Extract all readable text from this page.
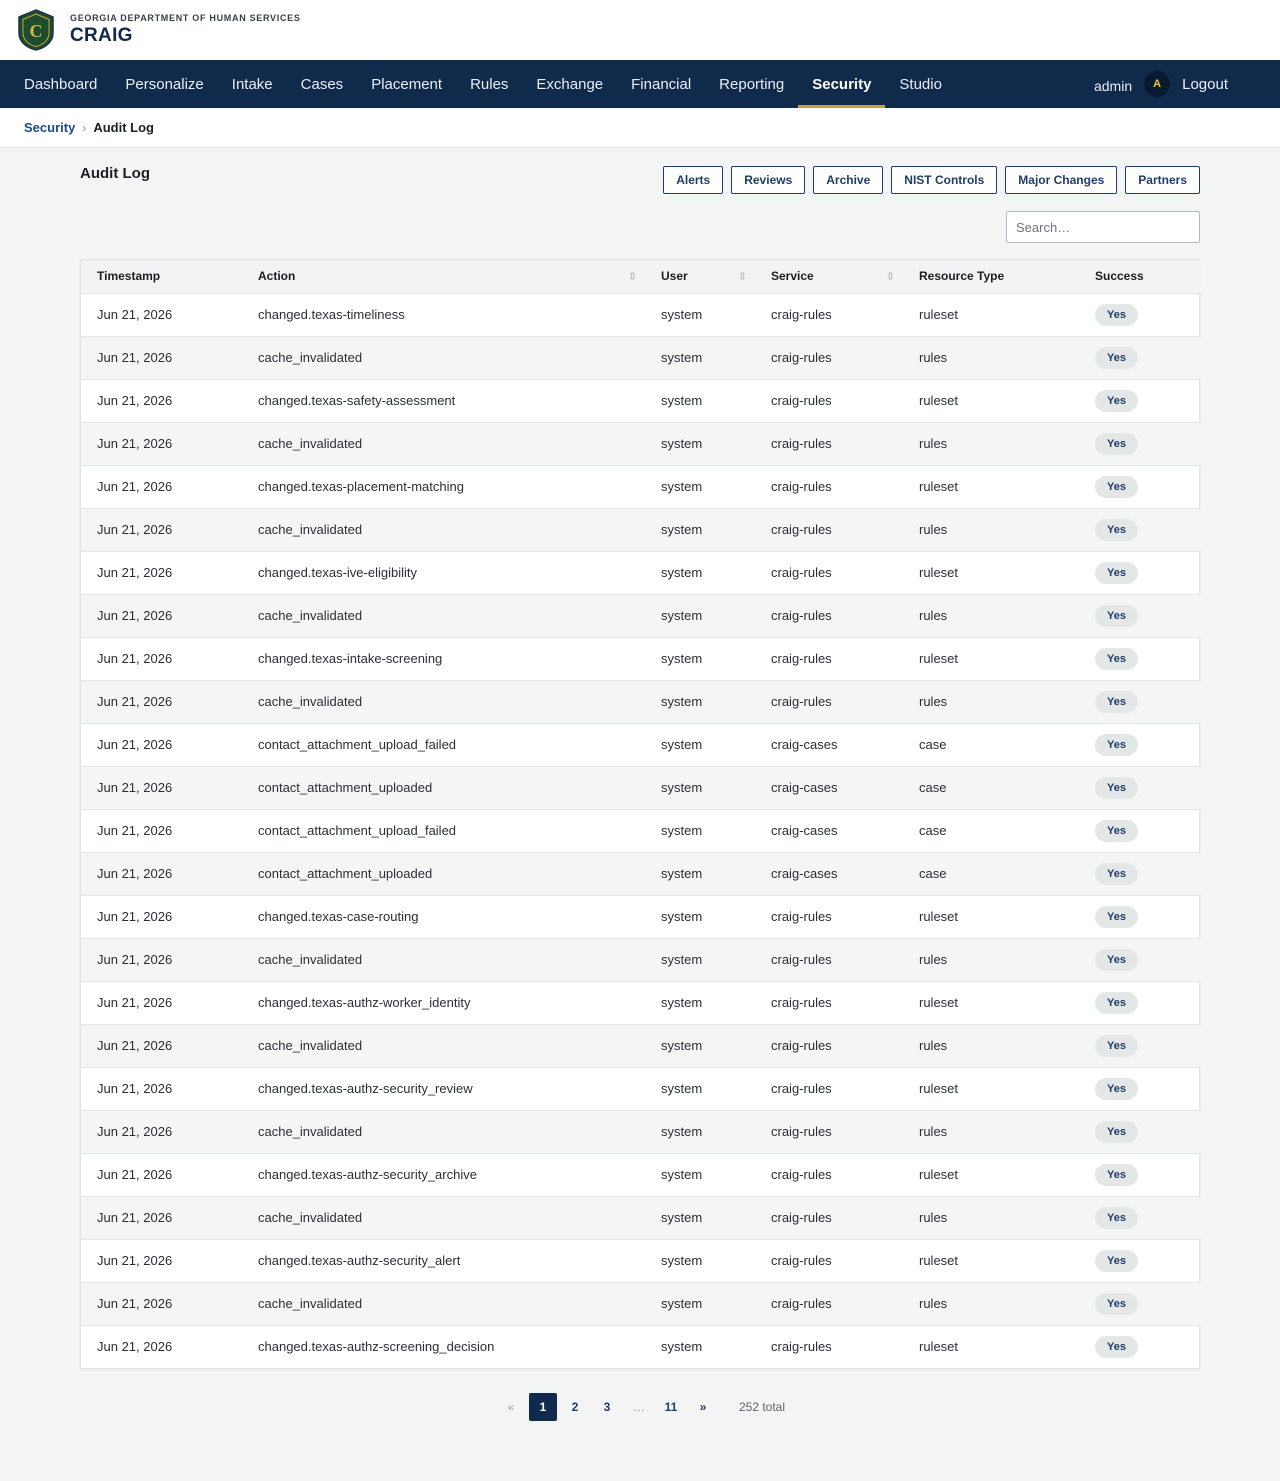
C
GEORGIA DEPARTMENT OF HUMAN SERVICES
CRAIG
Dashboard	Personalize	Intake	Cases	Placement	Rules	Exchange	Financial	Reporting	Security	Studio	admin	A	Logout
Security › Audit Log
Audit Log	Alerts	Reviews	Archive	NIST Controls	Major Changes	Partners
Search…
Timestamp	Action ⇳	User ⇳	Service ⇳	Resource Type	Success
Jun 21, 2026	changed.texas-timeliness	system	craig-rules	ruleset	Yes
Jun 21, 2026	cache_invalidated	system	craig-rules	rules	Yes
Jun 21, 2026	changed.texas-safety-assessment	system	craig-rules	ruleset	Yes
Jun 21, 2026	cache_invalidated	system	craig-rules	rules	Yes
Jun 21, 2026	changed.texas-placement-matching	system	craig-rules	ruleset	Yes
Jun 21, 2026	cache_invalidated	system	craig-rules	rules	Yes
Jun 21, 2026	changed.texas-ive-eligibility	system	craig-rules	ruleset	Yes
Jun 21, 2026	cache_invalidated	system	craig-rules	rules	Yes
Jun 21, 2026	changed.texas-intake-screening	system	craig-rules	ruleset	Yes
Jun 21, 2026	cache_invalidated	system	craig-rules	rules	Yes
Jun 21, 2026	contact_attachment_upload_failed	system	craig-cases	case	Yes
Jun 21, 2026	contact_attachment_uploaded	system	craig-cases	case	Yes
Jun 21, 2026	contact_attachment_upload_failed	system	craig-cases	case	Yes
Jun 21, 2026	contact_attachment_uploaded	system	craig-cases	case	Yes
Jun 21, 2026	changed.texas-case-routing	system	craig-rules	ruleset	Yes
Jun 21, 2026	cache_invalidated	system	craig-rules	rules	Yes
Jun 21, 2026	changed.texas-authz-worker_identity	system	craig-rules	ruleset	Yes
Jun 21, 2026	cache_invalidated	system	craig-rules	rules	Yes
Jun 21, 2026	changed.texas-authz-security_review	system	craig-rules	ruleset	Yes
Jun 21, 2026	cache_invalidated	system	craig-rules	rules	Yes
Jun 21, 2026	changed.texas-authz-security_archive	system	craig-rules	ruleset	Yes
Jun 21, 2026	cache_invalidated	system	craig-rules	rules	Yes
Jun 21, 2026	changed.texas-authz-security_alert	system	craig-rules	ruleset	Yes
Jun 21, 2026	cache_invalidated	system	craig-rules	rules	Yes
Jun 21, 2026	changed.texas-authz-screening_decision	system	craig-rules	ruleset	Yes
«	1	2	3	…	11	»	252 total
